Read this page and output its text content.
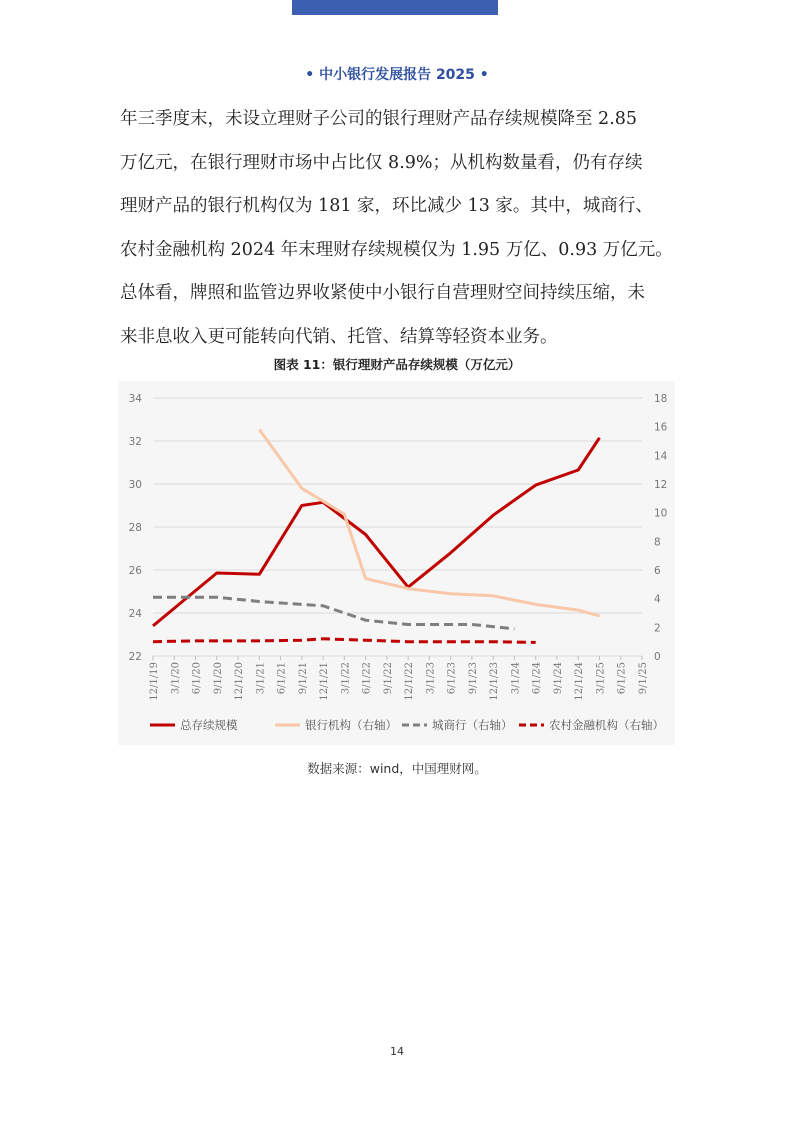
• 中小银行发展报告 2025 •

年三季度末，未设立理财子公司的银行理财产品存续规模降至 2.85

万亿元，在银行理财市场中占比仅 8.9%；从机构数量看，仍有存续

理财产品的银行机构仅为 181 家，环比减少 13 家。其中，城商行、

农村金融机构 2024 年末理财存续规模仅为 1.95 万亿、0.93 万亿元。

总体看，牌照和监管边界收紧使中小银行自营理财空间持续压缩，未

来非息收入更可能转向代销、托管、结算等轻资本业务。

图表 11：银行理财产品存续规模（万亿元）
22
24
26
28
30
32
34
0
2
4
6
8
10
12
14
16
18
12/1/19 3/1/20 6/1/20 9/1/20 12/1/20 3/1/21 6/1/21 9/1/21 12/1/21 3/1/22 6/1/22 9/1/22 12/1/22 3/1/23 6/1/23 9/1/23 12/1/23 3/1/24 6/1/24 9/1/24 12/1/24 3/1/25 6/1/25 9/1/25
总存续规模	银行机构（右轴）	城商行（右轴）	农村金融机构（右轴）
数据来源：wind，中国理财网。
14
